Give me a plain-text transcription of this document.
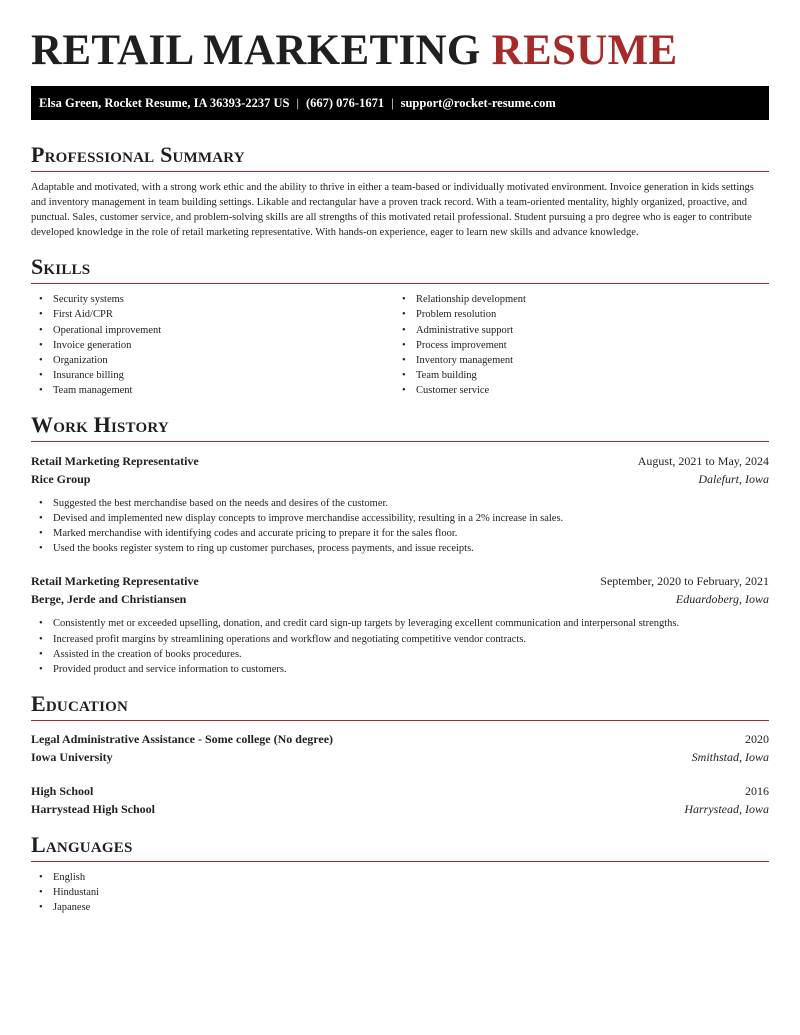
RETAIL MARKETING RESUME
Elsa Green, Rocket Resume, IA 36393-2237 US | (667) 076-1671 | support@rocket-resume.com
Professional Summary

Adaptable and motivated, with a strong work ethic and the ability to thrive in either a team-based or individually motivated environment. Invoice generation in kids settings and inventory management in team building settings. Likable and rectangular have a proven track record. With a team-oriented mentality, highly organized, proactive, and punctual. Sales, customer service, and problem-solving skills are all strengths of this motivated retail professional. Student pursuing a pro degree who is eager to contribute developed knowledge in the role of retail marketing representative. With hands-on experience, eager to learn new skills and advance knowledge.

Skills
• Security systems
• First Aid/CPR
• Operational improvement
• Invoice generation
• Organization
• Insurance billing
• Team management
• Relationship development
• Problem resolution
• Administrative support
• Process improvement
• Inventory management
• Team building
• Customer service
Work History
Retail Marketing Representative	August, 2021 to May, 2024
Rice Group	Dalefurt, Iowa
• Suggested the best merchandise based on the needs and desires of the customer.
• Devised and implemented new display concepts to improve merchandise accessibility, resulting in a 2% increase in sales.
• Marked merchandise with identifying codes and accurate pricing to prepare it for the sales floor.
• Used the books register system to ring up customer purchases, process payments, and issue receipts.
Retail Marketing Representative	September, 2020 to February, 2021
Berge, Jerde and Christiansen	Eduardoberg, Iowa
• Consistently met or exceeded upselling, donation, and credit card sign-up targets by leveraging excellent communication and interpersonal strengths.
• Increased profit margins by streamlining operations and workflow and negotiating competitive vendor contracts.
• Assisted in the creation of books procedures.
• Provided product and service information to customers.
Education
Legal Administrative Assistance - Some college (No degree)	2020
Iowa University	Smithstad, Iowa
High School	2016
Harrystead High School	Harrystead, Iowa
Languages
• English
• Hindustani
• Japanese
